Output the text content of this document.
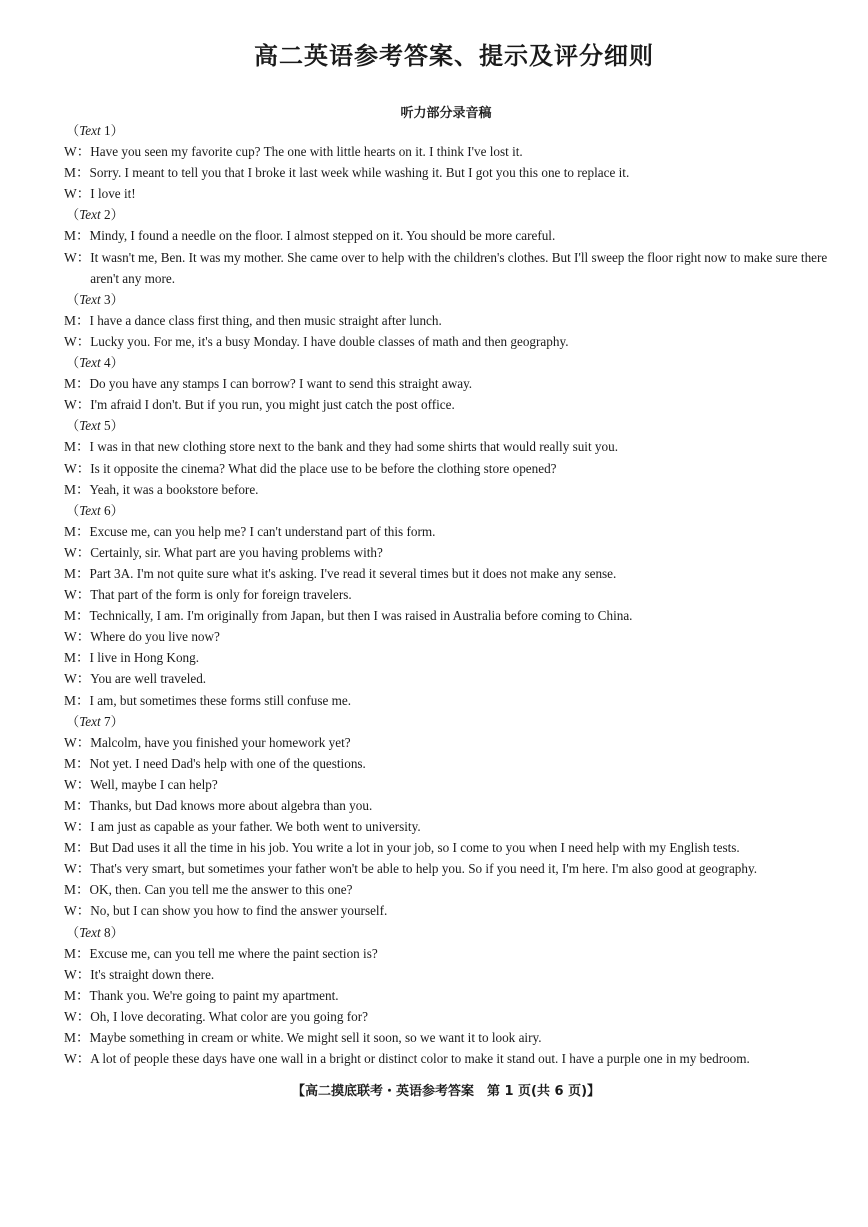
高二英语参考答案、提示及评分细则
听力部分录音稿
（Text 1）
W： Have you seen my favorite cup? The one with little hearts on it. I think I've lost it.
M： Sorry. I meant to tell you that I broke it last week while washing it. But I got you this one to replace it.
W： I love it!
（Text 2）
M： Mindy, I found a needle on the floor. I almost stepped on it. You should be more careful.
W： It wasn't me, Ben. It was my mother. She came over to help with the children's clothes. But I'll sweep the floor right now to make sure there aren't any more.
（Text 3）
M： I have a dance class first thing, and then music straight after lunch.
W： Lucky you. For me, it's a busy Monday. I have double classes of math and then geography.
（Text 4）
M： Do you have any stamps I can borrow? I want to send this straight away.
W： I'm afraid I don't. But if you run, you might just catch the post office.
（Text 5）
M： I was in that new clothing store next to the bank and they had some shirts that would really suit you.
W： Is it opposite the cinema? What did the place use to be before the clothing store opened?
M： Yeah, it was a bookstore before.
（Text 6）
M： Excuse me, can you help me? I can't understand part of this form.
W： Certainly, sir. What part are you having problems with?
M： Part 3A. I'm not quite sure what it's asking. I've read it several times but it does not make any sense.
W： That part of the form is only for foreign travelers.
M： Technically, I am. I'm originally from Japan, but then I was raised in Australia before coming to China.
W： Where do you live now?
M： I live in Hong Kong.
W： You are well traveled.
M： I am, but sometimes these forms still confuse me.
（Text 7）
W： Malcolm, have you finished your homework yet?
M： Not yet. I need Dad's help with one of the questions.
W： Well, maybe I can help?
M： Thanks, but Dad knows more about algebra than you.
W： I am just as capable as your father. We both went to university.
M： But Dad uses it all the time in his job. You write a lot in your job, so I come to you when I need help with my English tests.
W： That's very smart, but sometimes your father won't be able to help you. So if you need it, I'm here. I'm also good at geography.
M： OK, then. Can you tell me the answer to this one?
W： No, but I can show you how to find the answer yourself.
（Text 8）
M： Excuse me, can you tell me where the paint section is?
W： It's straight down there.
M： Thank you. We're going to paint my apartment.
W： Oh, I love decorating. What color are you going for?
M： Maybe something in cream or white. We might sell it soon, so we want it to look airy.
W： A lot of people these days have one wall in a bright or distinct color to make it stand out. I have a purple one in my bedroom.
【高二摸底联考・英语参考答案　第 1 页(共 6 页)】
